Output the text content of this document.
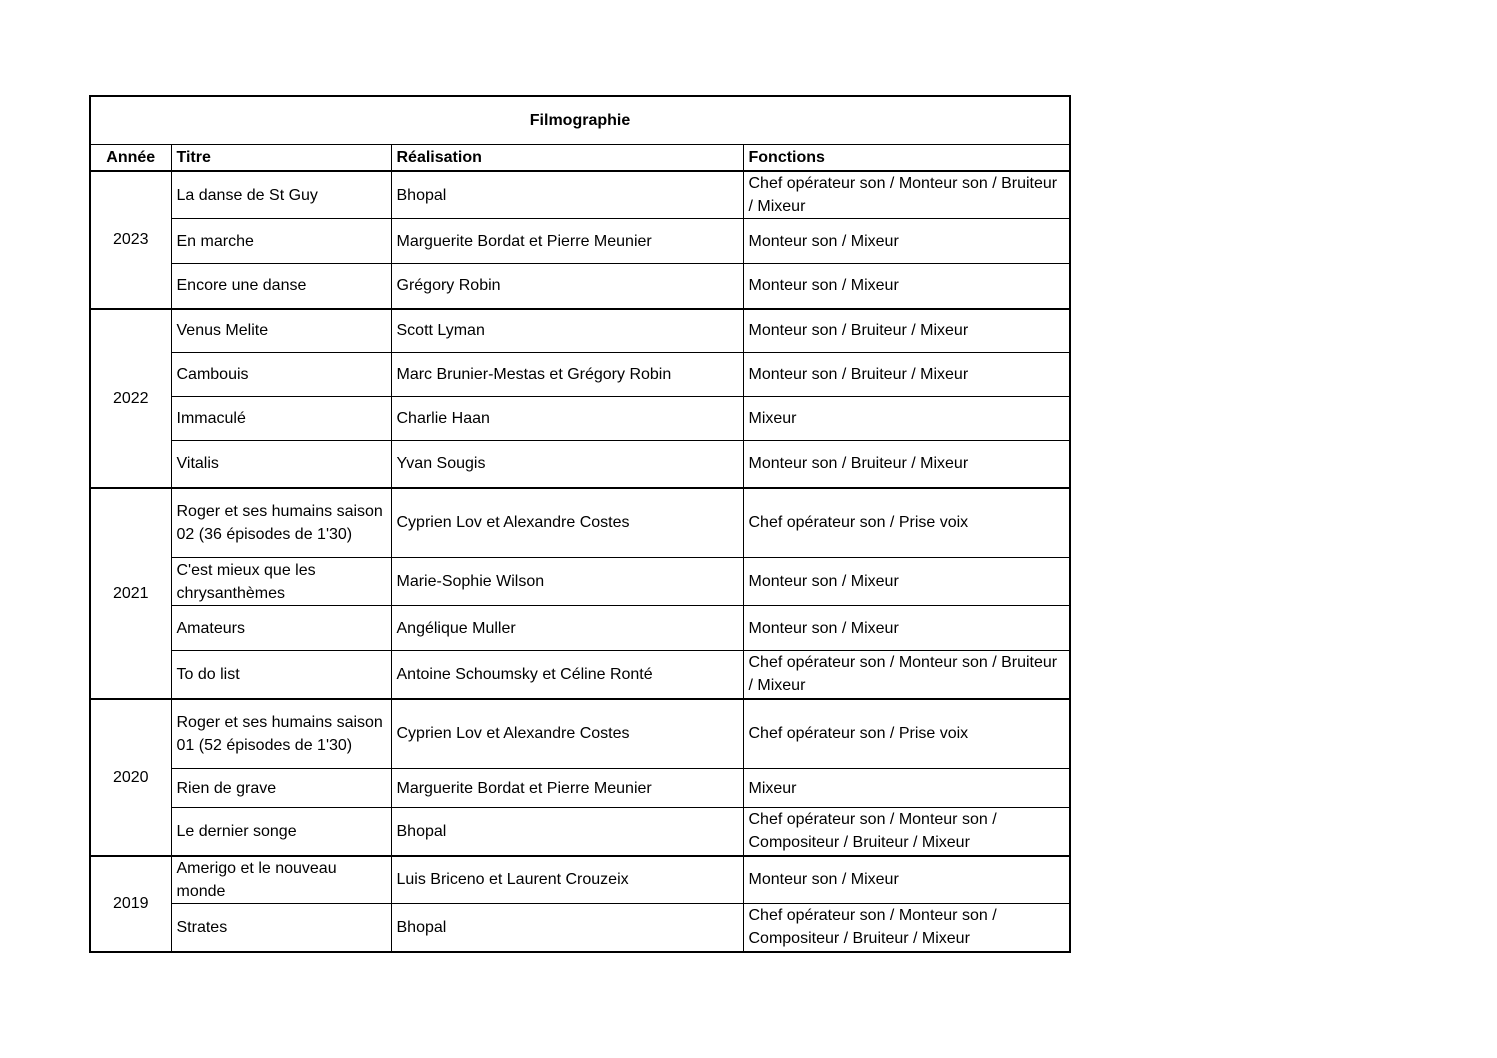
Filmographie			
Année	Titre	Réalisation	Fonctions
2023	La danse de St Guy	Bhopal	Chef opérateur son / Monteur son / Bruiteur / Mixeur
	En marche	Marguerite Bordat et Pierre Meunier	Monteur son / Mixeur
	Encore une danse	Grégory Robin	Monteur son / Mixeur
2022	Venus Melite	Scott Lyman	Monteur son / Bruiteur / Mixeur
	Cambouis	Marc Brunier-Mestas et Grégory Robin	Monteur son / Bruiteur / Mixeur
	Immaculé	Charlie Haan	Mixeur
	Vitalis	Yvan Sougis	Monteur son / Bruiteur / Mixeur
2021	Roger et ses humains saison 02 (36 épisodes de 1'30)	Cyprien Lov et Alexandre Costes	Chef opérateur son / Prise voix
	C'est mieux que les chrysanthèmes	Marie-Sophie Wilson	Monteur son / Mixeur
	Amateurs	Angélique Muller	Monteur son / Mixeur
	To do list	Antoine Schoumsky et Céline Ronté	Chef opérateur son / Monteur son / Bruiteur / Mixeur
2020	Roger et ses humains saison 01 (52 épisodes de 1'30)	Cyprien Lov et Alexandre Costes	Chef opérateur son / Prise voix
	Rien de grave	Marguerite Bordat et Pierre Meunier	Mixeur
	Le dernier songe	Bhopal	Chef opérateur son / Monteur son / Compositeur / Bruiteur / Mixeur
2019	Amerigo et le nouveau monde	Luis Briceno et Laurent Crouzeix	Monteur son / Mixeur
	Strates	Bhopal	Chef opérateur son / Monteur son / Compositeur / Bruiteur / Mixeur
